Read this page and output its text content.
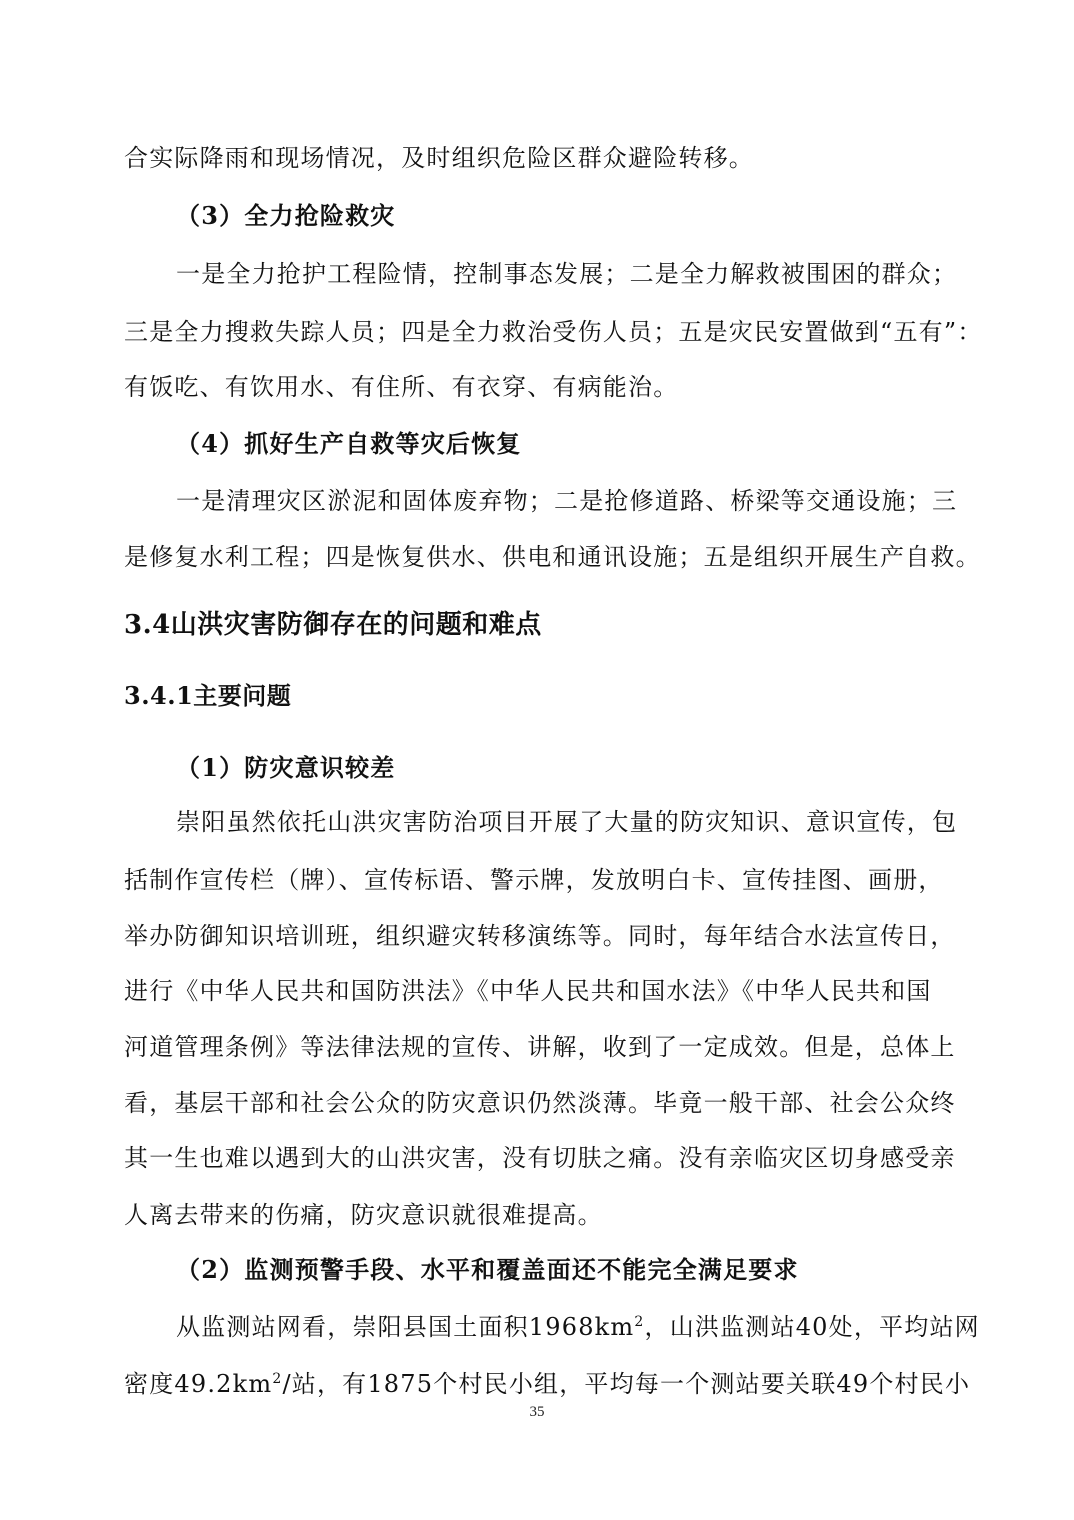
合实际降雨和现场情况，及时组织危险区群众避险转移。
（3）全力抢险救灾
一是全力抢护工程险情，控制事态发展；二是全力解救被围困的群众；
三是全力搜救失踪人员；四是全力救治受伤人员；五是灾民安置做到“五有”：
有饭吃、有饮用水、有住所、有衣穿、有病能治。
（4）抓好生产自救等灾后恢复
一是清理灾区淤泥和固体废弃物；二是抢修道路、桥梁等交通设施；三
是修复水利工程；四是恢复供水、供电和通讯设施；五是组织开展生产自救。
3.4山洪灾害防御存在的问题和难点
3.4.1主要问题
（1）防灾意识较差
崇阳虽然依托山洪灾害防治项目开展了大量的防灾知识、意识宣传，包
括制作宣传栏（牌）、宣传标语、警示牌，发放明白卡、宣传挂图、画册，
举办防御知识培训班，组织避灾转移演练等。同时，每年结合水法宣传日，
进行《中华人民共和国防洪法》《中华人民共和国水法》《中华人民共和国
河道管理条例》等法律法规的宣传、讲解，收到了一定成效。但是，总体上
看，基层干部和社会公众的防灾意识仍然淡薄。毕竟一般干部、社会公众终
其一生也难以遇到大的山洪灾害，没有切肤之痛。没有亲临灾区切身感受亲
人离去带来的伤痛，防灾意识就很难提高。
（2）监测预警手段、水平和覆盖面还不能完全满足要求
从监测站网看，崇阳县国土面积$1968km^2$，山洪监测站40处，平均站网
密度$49.2km^2/$站，有1875个村民小组，平均每一个测站要关联49个村民小
35
